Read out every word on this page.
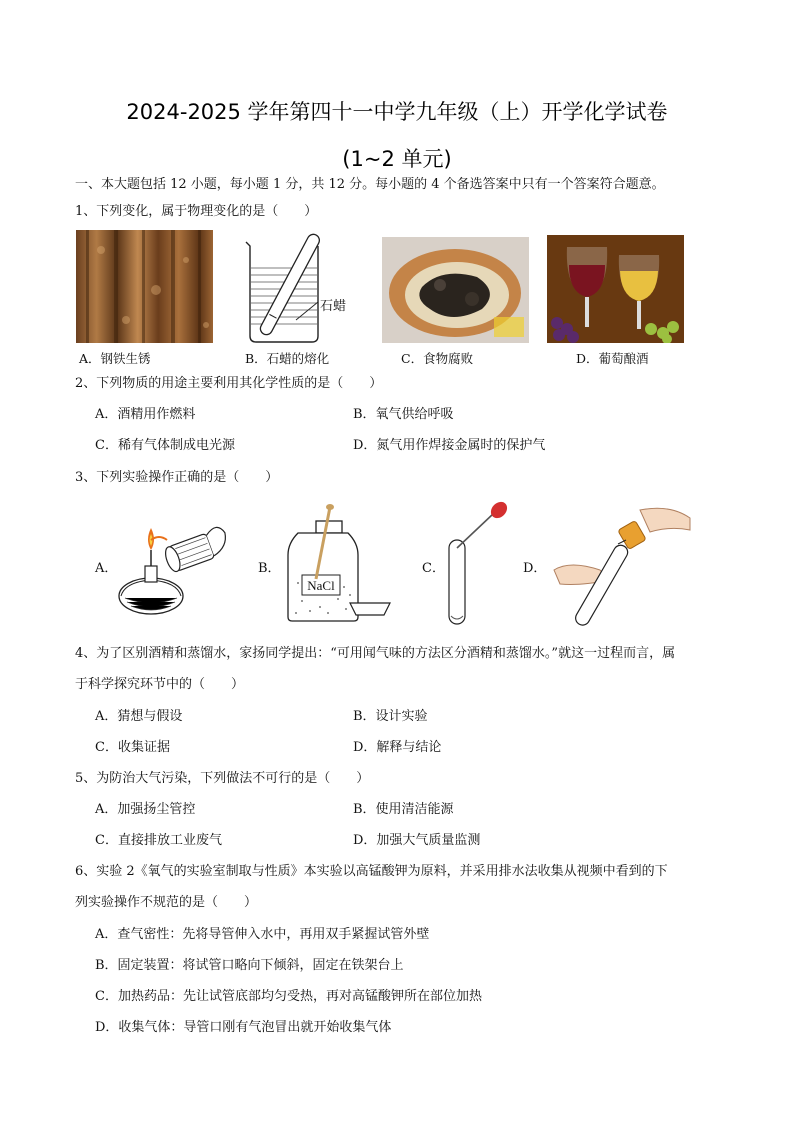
2024-2025 学年第四十一中学九年级（上）开学化学试卷
(1~2 单元)
一、本大题包括 12 小题，每小题 1 分，共 12 分。每小题的 4 个备选答案中只有一个答案符合题意。
1、下列变化，属于物理变化的是（　　）
石蜡
A．钢铁生锈	B．石蜡的熔化	C．食物腐败	D．葡萄酿酒
2、下列物质的用途主要利用其化学性质的是（　　）
A．酒精用作燃料	B．氧气供给呼吸
C．稀有气体制成电光源	D．氮气用作焊接金属时的保护气
3、下列实验操作正确的是（　　）
A．	B．
NaCl
C．	D．
4、为了区别酒精和蒸馏水，家扬同学提出：“可用闻气味的方法区分酒精和蒸馏水。”就这一过程而言，属
于科学探究环节中的（　　）
A．猜想与假设	B．设计实验
C．收集证据	D．解释与结论
5、为防治大气污染，下列做法不可行的是（　　）
A．加强扬尘管控	B．使用清洁能源
C．直接排放工业废气	D．加强大气质量监测
6、实验 2《氧气的实验室制取与性质》本实验以高锰酸钾为原料，并采用排水法收集从视频中看到的下
列实验操作不规范的是（　　）
A．查气密性：先将导管伸入水中，再用双手紧握试管外壁
B．固定装置：将试管口略向下倾斜，固定在铁架台上
C．加热药品：先让试管底部均匀受热，再对高锰酸钾所在部位加热
D．收集气体：导管口刚有气泡冒出就开始收集气体
